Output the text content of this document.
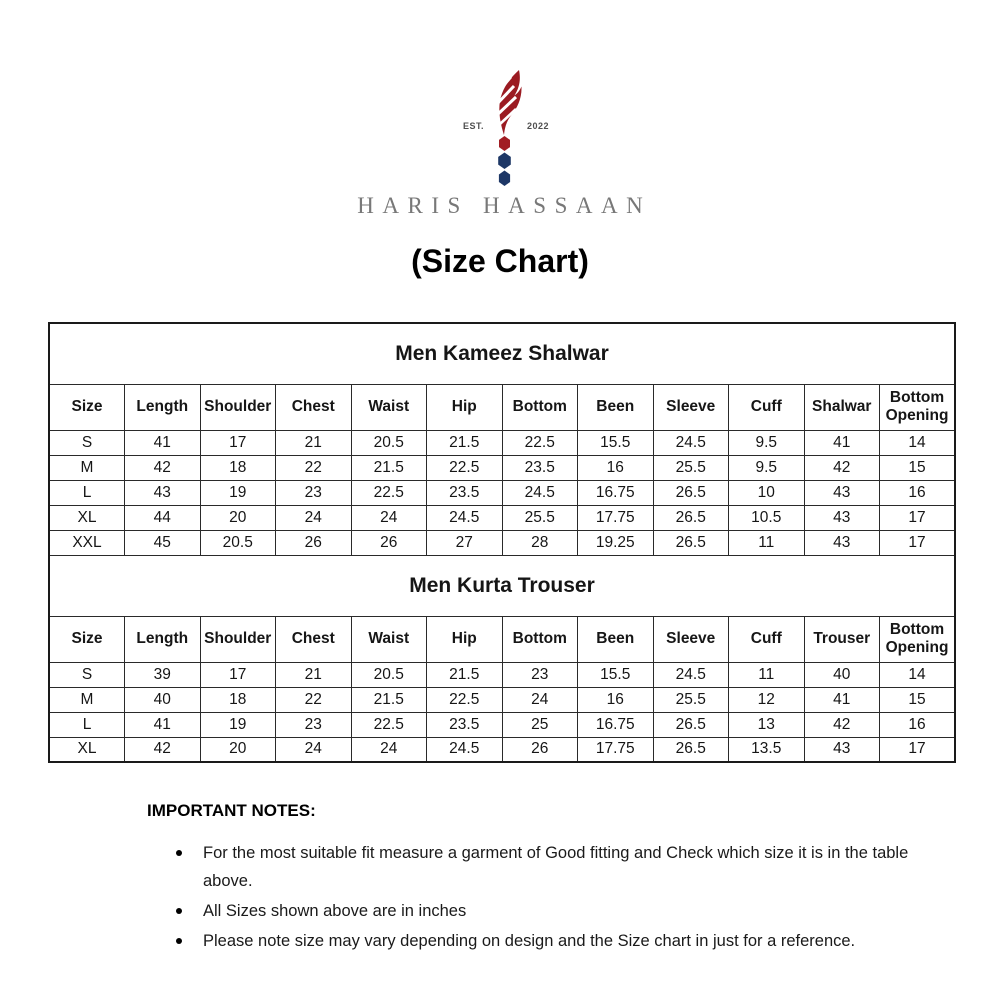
EST.	2022
HARIS HASSAAN
(Size Chart)
Men Kameez Shalwar											
Size	Length	Shoulder	Chest	Waist	Hip	Bottom	Been	Sleeve	Cuff	Shalwar	Bottom Opening
S	41	17	21	20.5	21.5	22.5	15.5	24.5	9.5	41	14
M	42	18	22	21.5	22.5	23.5	16	25.5	9.5	42	15
L	43	19	23	22.5	23.5	24.5	16.75	26.5	10	43	16
XL	44	20	24	24	24.5	25.5	17.75	26.5	10.5	43	17
XXL	45	20.5	26	26	27	28	19.25	26.5	11	43	17
Men Kurta Trouser											
Size	Length	Shoulder	Chest	Waist	Hip	Bottom	Been	Sleeve	Cuff	Trouser	Bottom Opening
S	39	17	21	20.5	21.5	23	15.5	24.5	11	40	14
M	40	18	22	21.5	22.5	24	16	25.5	12	41	15
L	41	19	23	22.5	23.5	25	16.75	26.5	13	42	16
XL	42	20	24	24	24.5	26	17.75	26.5	13.5	43	17
IMPORTANT NOTES:
For the most suitable fit measure a garment of Good fitting and Check which size it is in the table above.
All Sizes shown above are in inches
Please note size may vary depending on design and the Size chart in just for a reference.
